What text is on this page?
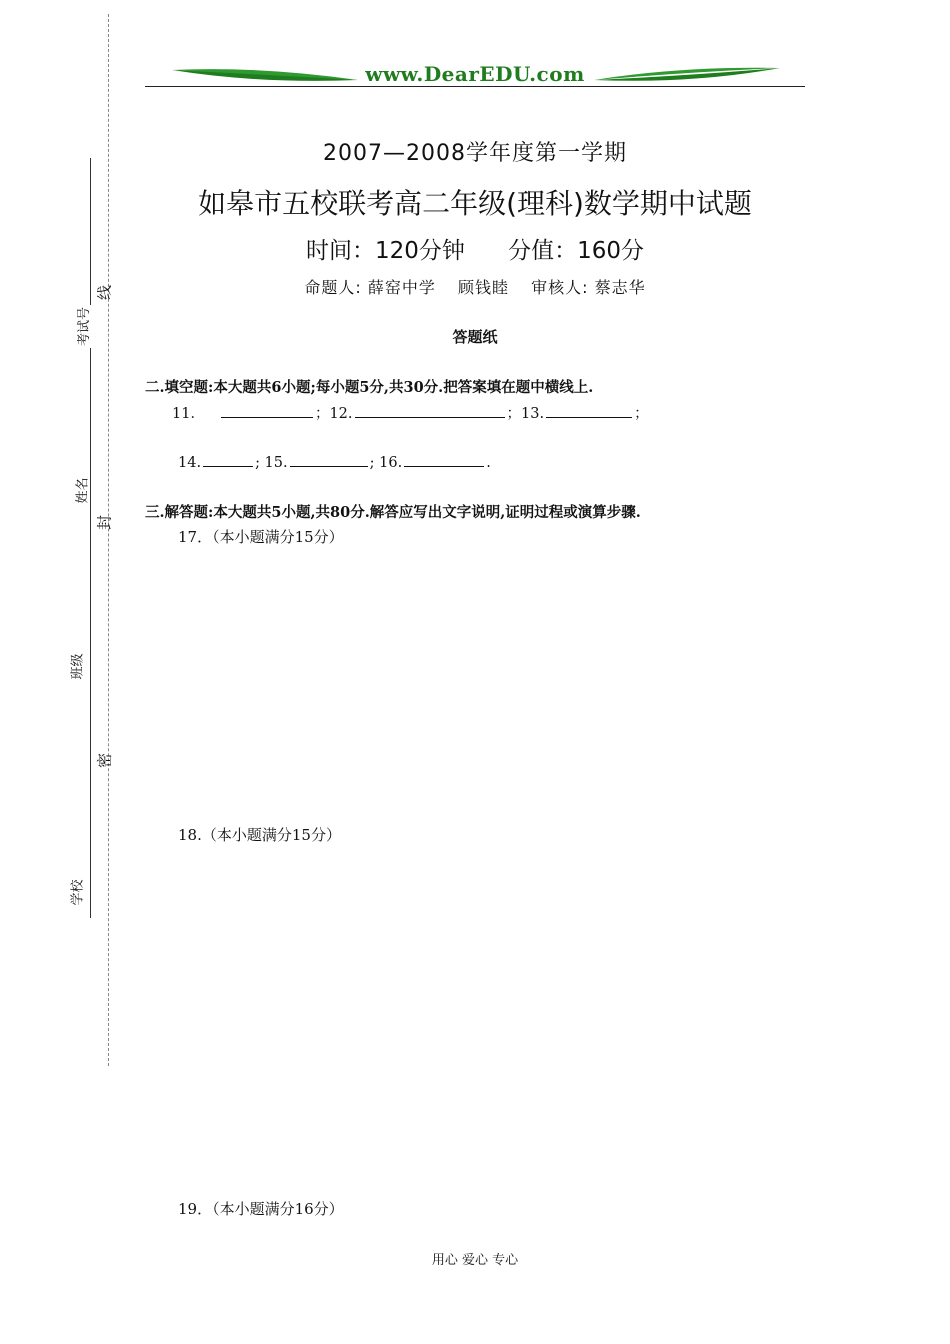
考试号
姓名
班级
学校
线
封
密
www.DearEDU.com
2007—2008学年度第一学期
如皋市五校联考高二年级(理科)数学期中试题
时间：120分钟 分值：160分
命题人: 薛窑中学 顾钱睦 审核人: 蔡志华
答题纸
二.填空题:本大题共6小题;每小题5分,共30分.把答案填在题中横线上.
11．	；12.	；13.	；
14.	; 15.	; 16.	.
三.解答题:本大题共5小题,共80分.解答应写出文字说明,证明过程或演算步骤.
17．（本小题满分15分）
18.（本小题满分15分）
19．（本小题满分16分）
用心 爱心 专心
